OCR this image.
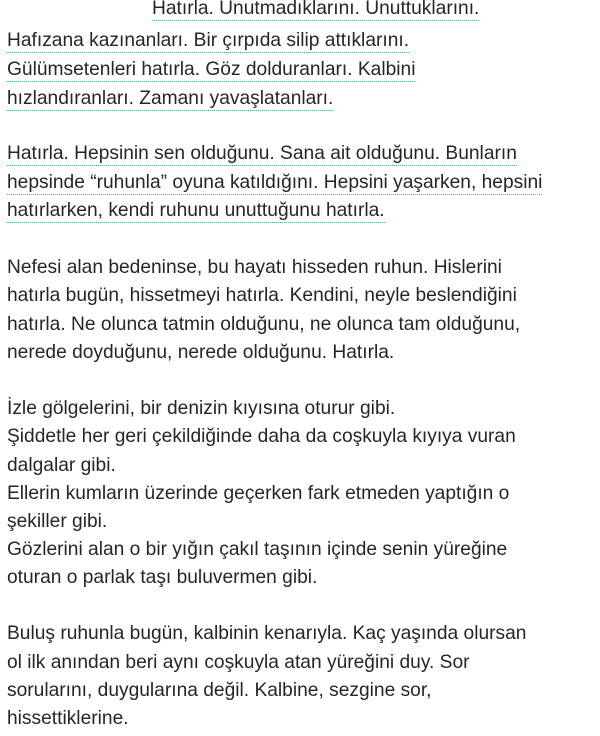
Hatırla. Unutmadıklarını. Unuttuklarını.
Hafızana kazınanları. Bir çırpıda silip attıklarını.
Gülümsetenleri hatırla. Göz dolduranları. Kalbini
hızlandıranları. Zamanı yavaşlatanları.
Hatırla. Hepsinin sen olduğunu. Sana ait olduğunu. Bunların
hepsinde “ruhunla” oyuna katıldığını. Hepsini yaşarken, hepsini
hatırlarken, kendi ruhunu unuttuğunu hatırla.
Nefesi alan bedeninse, bu hayatı hisseden ruhun. Hislerini
hatırla bugün, hissetmeyi hatırla. Kendini, neyle beslendiğini
hatırla. Ne olunca tatmin olduğunu, ne olunca tam olduğunu,
nerede doyduğunu, nerede olduğunu. Hatırla.
İzle gölgelerini, bir denizin kıyısına oturur gibi.
Şiddetle her geri çekildiğinde daha da coşkuyla kıyıya vuran
dalgalar gibi.
Ellerin kumların üzerinde geçerken fark etmeden yaptığın o
şekiller gibi.
Gözlerini alan o bir yığın çakıl taşının içinde senin yüreğine
oturan o parlak taşı buluvermen gibi.
Buluş ruhunla bugün, kalbinin kenarıyla. Kaç yaşında olursan
ol ilk anından beri aynı coşkuyla atan yüreğini duy. Sor
sorularını, duygularına değil. Kalbine, sezgine sor,
hissettiklerine.
